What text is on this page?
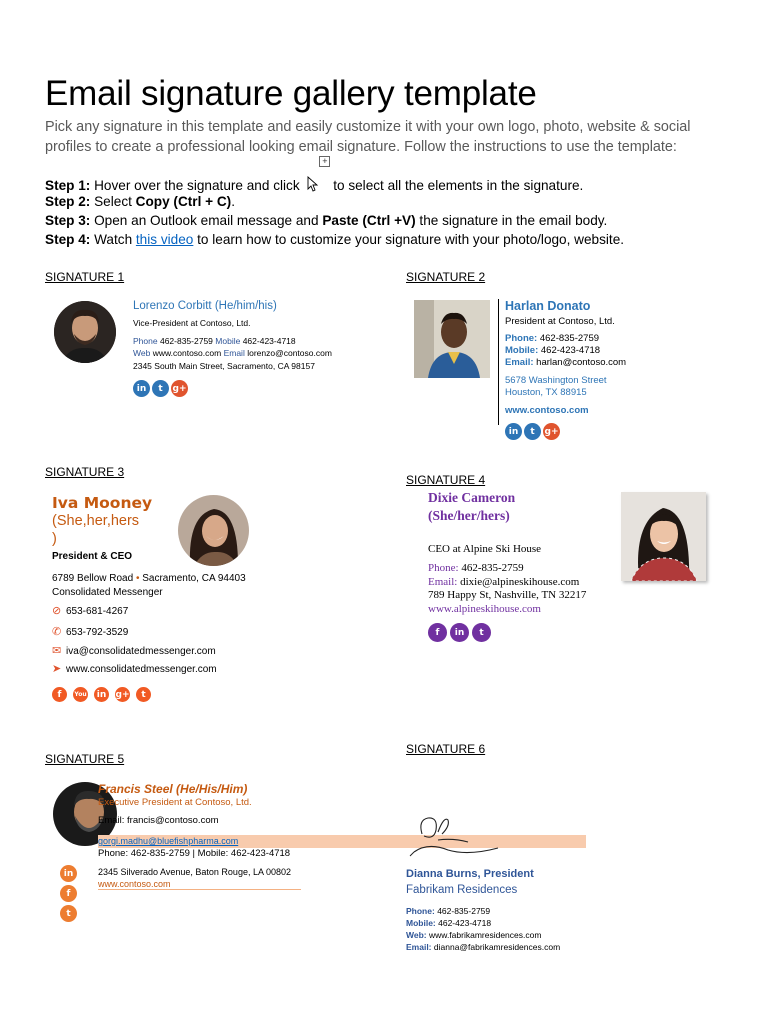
Email signature gallery template
Pick any signature in this template and easily customize it with your own logo, photo, website & social profiles to create a professional looking email signature. Follow the instructions to use the template:
Step 1: Hover over the signature and click
+
to select all the elements in the signature.
Step 2: Select Copy (Ctrl + C).
Step 3: Open an Outlook email message and Paste (Ctrl +V) the signature in the email body.
Step 4: Watch this video to learn how to customize your signature with your photo/logo, website.
SIGNATURE 1
Lorenzo Corbitt (He/him/his)
Vice-President at Contoso, Ltd.
Phone 462-835-2759 Mobile 462-423-4718
Web www.contoso.com Email lorenzo@contoso.com
2345 South Main Street, Sacramento, CA 98157
in	t	g+
SIGNATURE 2
Harlan Donato
President at Contoso, Ltd.
Phone: 462-835-2759
Mobile: 462-423-4718
Email: harlan@contoso.com
5678 Washington Street
Houston, TX 88915
www.contoso.com
in	t	g+
SIGNATURE 3
Iva Mooney
(She,her,hers
)
President & CEO
6789 Bellow Road • Sacramento, CA 94403
Consolidated Messenger
⊘ 653-681-4267
✆ 653-792-3529
✉ iva@consolidatedmessenger.com
➤ www.consolidatedmessenger.com
f	You	in	g+	t
SIGNATURE 4
Dixie Cameron
(She/her/hers)
CEO at Alpine Ski House
Phone: 462-835-2759
Email: dixie@alpineskihouse.com
789 Happy St, Nashville, TN 32217
www.alpineskihouse.com
f	in	t
SIGNATURE 5
Francis Steel (He/His/Him)
Executive President at Contoso, Ltd.
Email: francis@contoso.com
gorgi.madhu@bluefishpharma.com
Phone: 462-835-2759 | Mobile: 462-423-4718
2345 Silverado Avenue, Baton Rouge, LA 00802
www.contoso.com
in
f
t
SIGNATURE 6
Dianna Burns, President
Fabrikam Residences
Phone: 462-835-2759
Mobile: 462-423-4718
Web: www.fabrikamresidences.com
Email: dianna@fabrikamresidences.com
